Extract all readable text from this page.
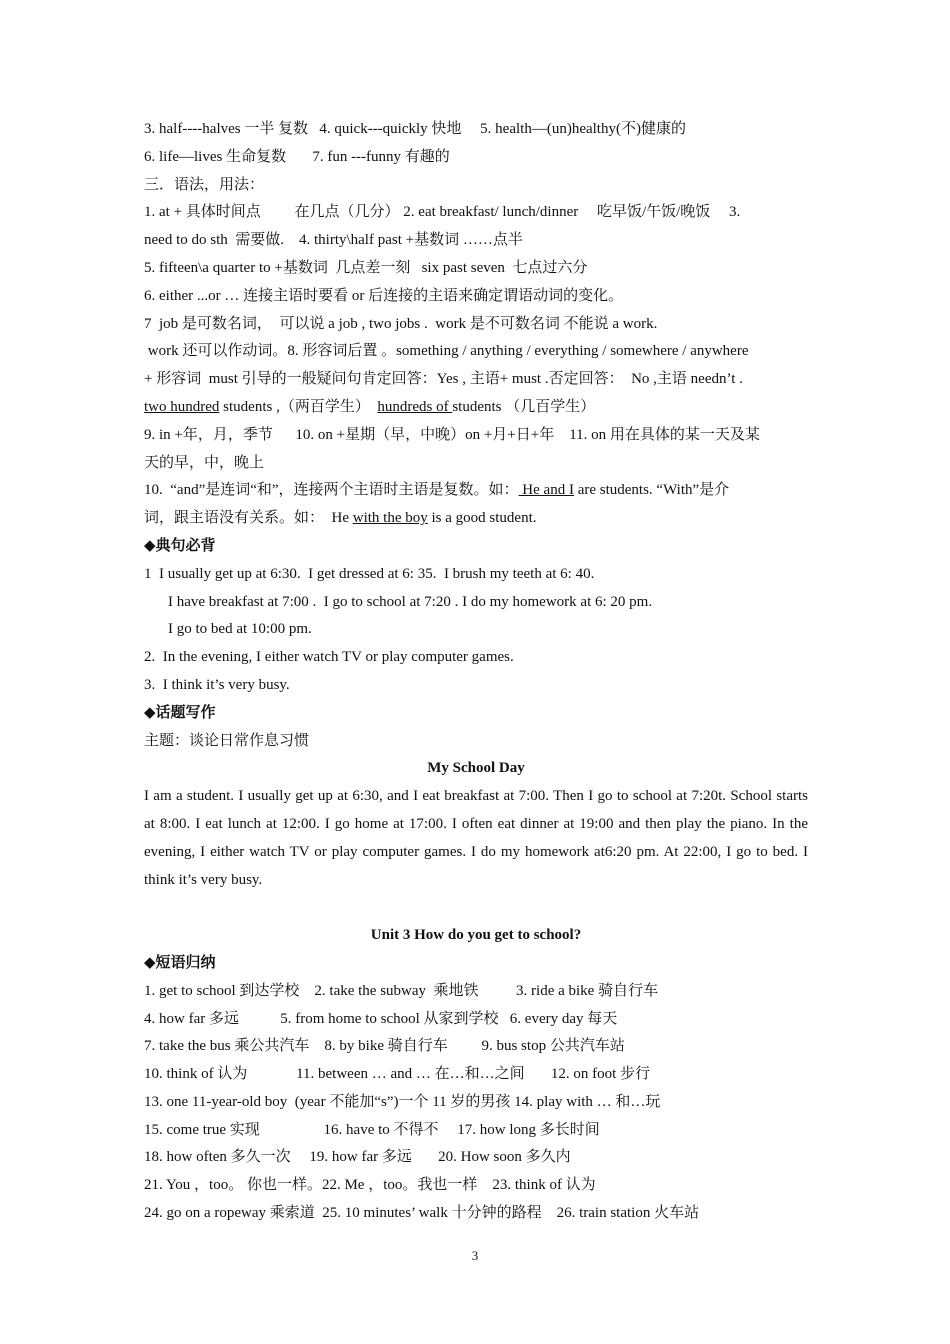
3. half----halves 一半 复数   4. quick---quickly 快地     5. health—(un)healthy(不)健康的

6. life—lives 生命复数       7. fun ---funny 有趣的

三．语法，用法：

1. at + 具体时间点         在几点（几分） 2. eat breakfast/ lunch/dinner     吃早饭/午饭/晚饭     3.

need to do sth  需要做.    4. thirty\half past +基数词 ……点半

5. fifteen\a quarter to +基数词  几点差一刻   six past seven  七点过六分

6. either ...or … 连接主语时要看 or 后连接的主语来确定谓语动词的变化。

7  job 是可数名词，  可以说 a job , two jobs .  work 是不可数名词 不能说 a work.

work 还可以作动词。8. 形容词后置 。something / anything / everything / somewhere / anywhere

+ 形容词  must 引导的一般疑问句肯定回答：Yes , 主语+ must .否定回答：  No ,主语 needn’t .

two hundred students ,（两百学生）  hundreds of students （几百学生）

9. in +年，月，季节      10. on +星期（早，中晚）on +月+日+年    11. on 用在具体的某一天及某

天的早，中，晚上

10.  “and”是连词“和”，连接两个主语时主语是复数。如： He and I are students. “With”是介

词，跟主语没有关系。如：  He with the boy is a good student.

◆典句必背

1  I usually get up at 6:30.  I get dressed at 6: 35.  I brush my teeth at 6: 40.

I have breakfast at 7:00 .  I go to school at 7:20 . I do my homework at 6: 20 pm.

I go to bed at 10:00 pm.

2.  In the evening, I either watch TV or play computer games.

3.  I think it’s very busy.

◆话题写作

主题：谈论日常作息习惯

My School Day

I am a student. I usually get up at 6:30, and I eat breakfast at 7:00. Then I go to school at 7:20t. School starts at 8:00. I eat lunch at 12:00. I go home at 17:00. I often eat dinner at 19:00 and then play the piano. In the evening, I either watch TV or play computer games. I do my homework at6:20 pm. At 22:00, I go to bed. I think it’s very busy.

Unit 3 How do you get to school?

◆短语归纳

1. get to school 到达学校    2. take the subway  乘地铁          3. ride a bike 骑自行车

4. how far 多远           5. from home to school 从家到学校   6. every day 每天

7. take the bus 乘公共汽车    8. by bike 骑自行车         9. bus stop 公共汽车站

10. think of 认为             11. between … and … 在…和…之间       12. on foot 步行

13. one 11-year-old boy  (year 不能加“s”)一个 11 岁的男孩 14. play with … 和…玩

15. come true 实现                 16. have to 不得不     17. how long 多长时间

18. how often 多久一次     19. how far 多远       20. How soon 多久内

21. You ，too。 你也一样。22. Me ，too。我也一样    23. think of 认为

24. go on a ropeway 乘索道  25. 10 minutes’ walk 十分钟的路程    26. train station 火车站

3
